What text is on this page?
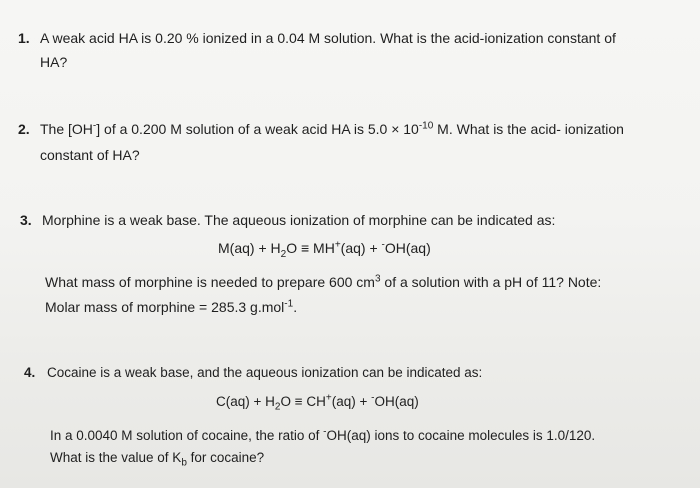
1. A weak acid HA is 0.20 % ionized in a 0.04 M solution. What is the acid-ionization constant of
HA?
2. The [OH-] of a 0.200 M solution of a weak acid HA is $5.0 \times 10^{-10}$ M. What is the acid- ionization
constant of HA?
3. Morphine is a weak base. The aqueous ionization of morphine can be indicated as:
$M(aq) + H_2O \equiv MH^+(aq) + ^-OH(aq)$
What mass of morphine is needed to prepare 600 $cm^3$ of a solution with a pH of 11? Note:
Molar mass of morphine = 285.3 g.mol$^{-1}$.
4. Cocaine is a weak base, and the aqueous ionization can be indicated as:
$C(aq) + H_2O \equiv CH^+(aq) + ^-OH(aq)$
In a 0.0040 M solution of cocaine, the ratio of -OH(aq) ions to cocaine molecules is 1.0/120.
What is the value of $K_b$ for cocaine?
